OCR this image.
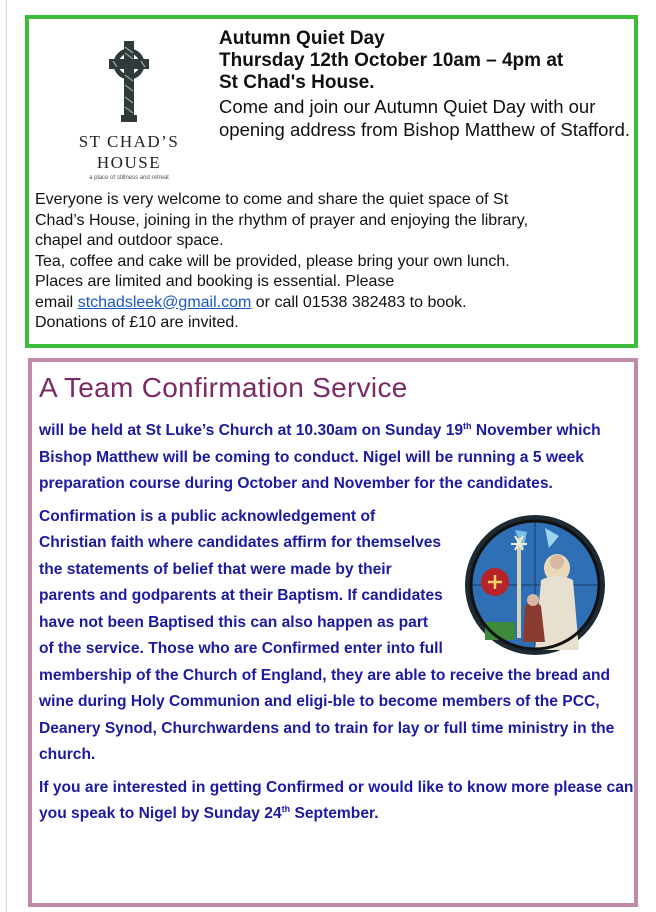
ST CHAD’S
HOUSE
a place of stillness and retreat
Autumn Quiet Day
Thursday 12th October 10am – 4pm at
St Chad's House.
Come and join our Autumn Quiet Day with our opening address from Bishop Matthew of Stafford.
Everyone is very welcome to come and share the quiet space of St
Chad’s House, joining in the rhythm of prayer and enjoying the library,
chapel and outdoor space.
Tea, coffee and cake will be provided, please bring your own lunch.
Places are limited and booking is essential. Please
email stchadsleek@gmail.com or call 01538 382483 to book.
Donations of £10 are invited.
A Team Confirmation Service

will be held at St Luke’s Church at 10.30am on Sunday 19th November which Bishop Matthew will be coming to conduct. Nigel will be running a 5 week preparation course during October and November for the candidates.

Confirmation is a public acknowledgement of Christian faith where candidates affirm for themselves the statements of belief that were made by their parents and godparents at their Baptism. If candidates have not been Baptised this can also happen as part of the service. Those who are Confirmed enter into full membership of the Church of England, they are able to receive the bread and wine during Holy Communion and eligi-ble to become members of the PCC, Deanery Synod, Churchwardens and to train for lay or full time ministry in the church.

If you are interested in getting Confirmed or would like to know more please can you speak to Nigel by Sunday 24th September.
